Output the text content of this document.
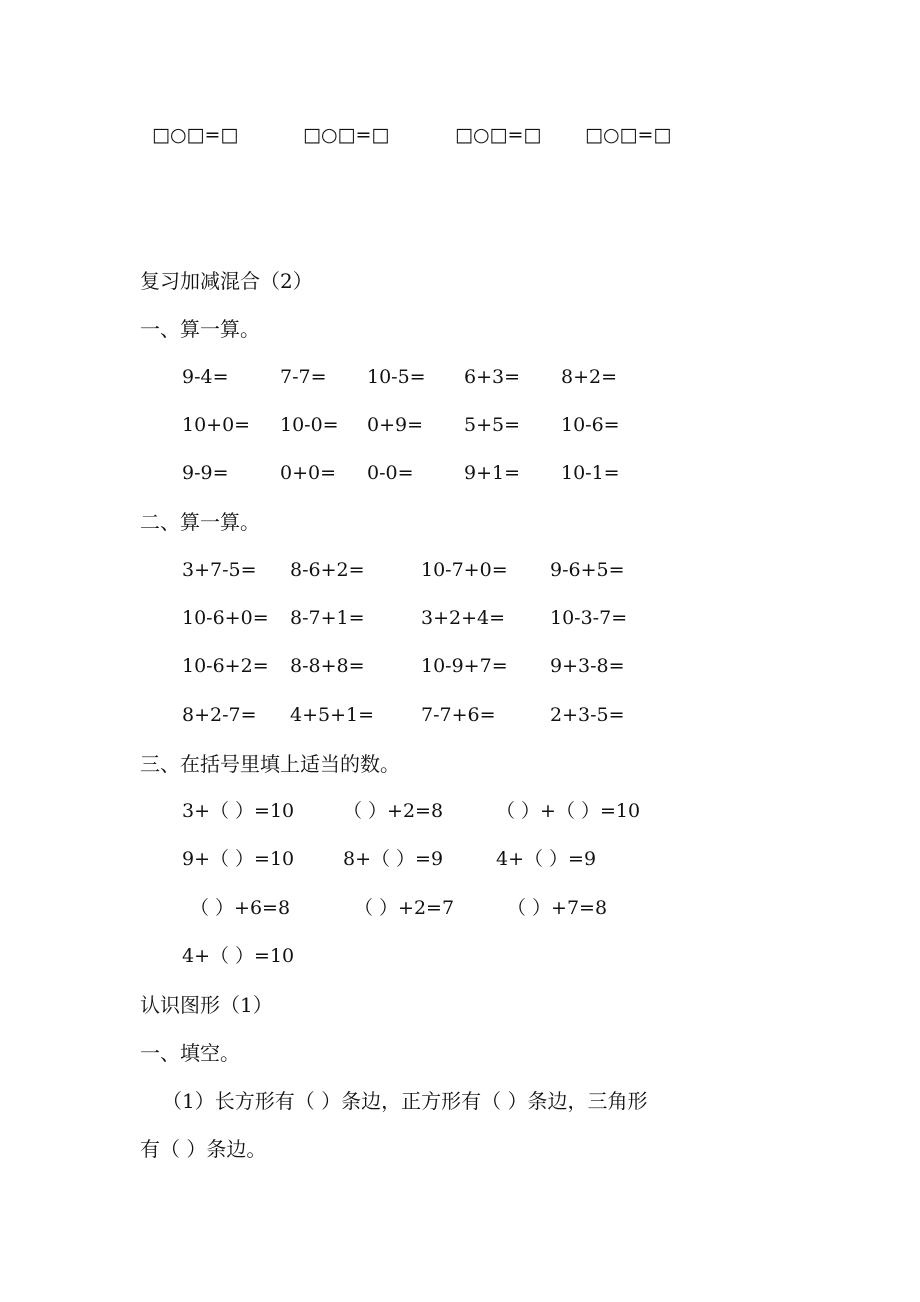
□○□=□	□○□=□	□○□=□ □○□=□
复习加减混合（2）
一、算一算。
9-4=	7-7= 10-5= 6+3= 8+2=
10+0= 10-0= 0+9= 5+5= 10-6=
9-9=	0+0= 0-0=	9+1= 10-1=
二、算一算。
3+7-5= 8-6+2=	10-7+0= 9-6+5=
10-6+0= 8-7+1=	3+2+4= 10-3-7=
10-6+2= 8-8+8=	10-9+7= 9+3-8=
8+2-7= 4+5+1= 7-7+6=	2+3-5=
三、在括号里填上适当的数。
3+（ ）=10	（ ）+2=8	（ ）+（ ）=10
9+（ ）=10	8+（ ）=9	4+（ ）=9
（ ）+6=8	（ ）+2=7	（ ）+7=8
4+（ ）=10
认识图形（1）
一、填空。
（1）长方形有（ ）条边，正方形有（ ）条边，三角形
有（ ）条边。
